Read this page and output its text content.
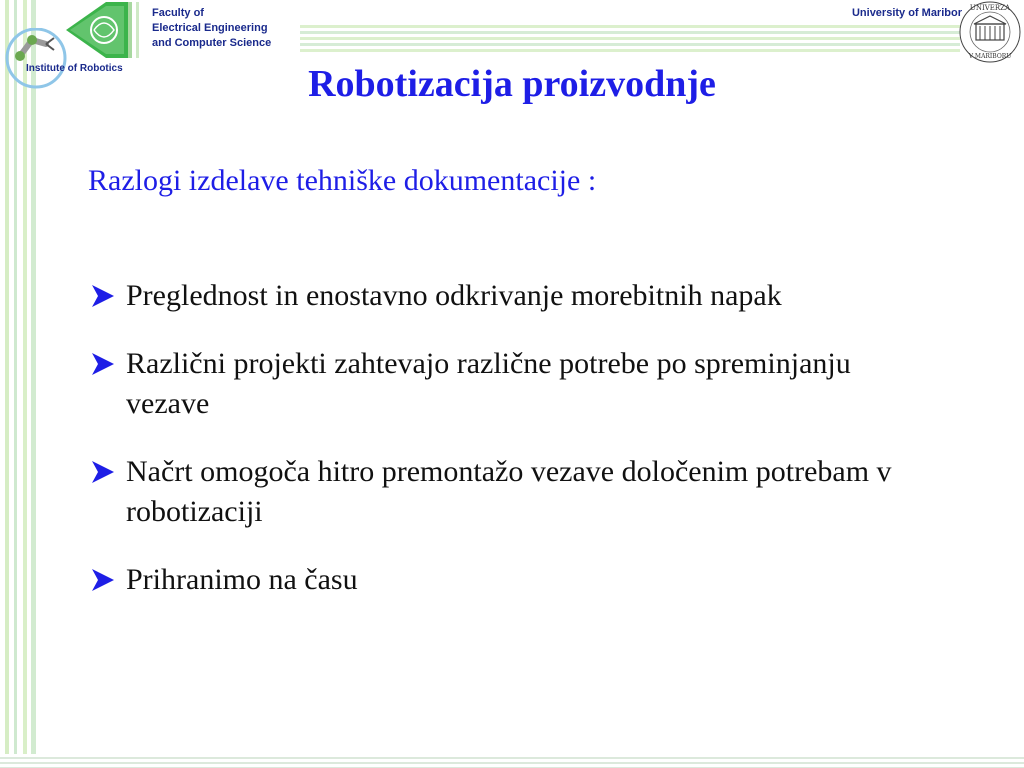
Institute of Robotics
Faculty of
Electrical Engineering
and Computer Science
University of Maribor UNIVERZA
V MARIBORU
Robotizacija proizvodnje
Razlogi izdelave tehniške dokumentacije :
Preglednost in enostavno odkrivanje morebitnih napak
Različni projekti zahtevajo različne potrebe po spreminjanju vezave
Načrt omogoča hitro premontažo vezave določenim potrebam v robotizaciji
Prihranimo na času
